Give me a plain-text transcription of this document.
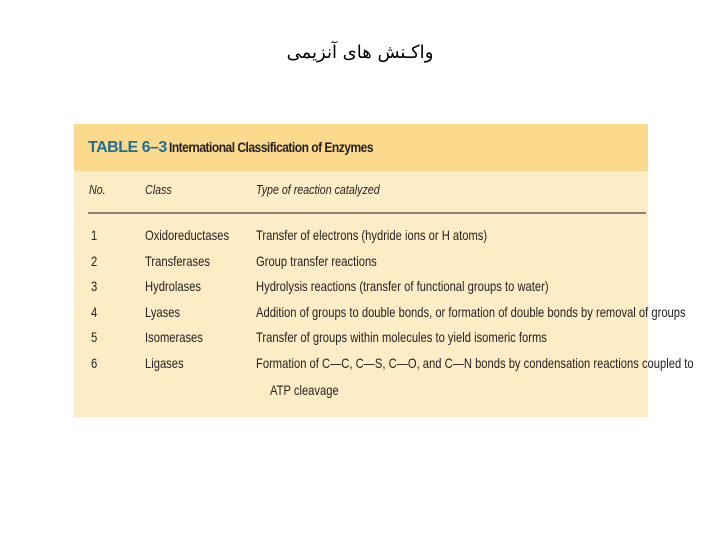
واکـنش های آنزیمی
TABLE 6–3 International Classification of Enzymes
No.	Class	Type of reaction catalyzed
1	Oxidoreductases Transfer of electrons (hydride ions or H atoms)
2	Transferases	Group transfer reactions
3	Hydrolases	Hydrolysis reactions (transfer of functional groups to water)
4	Lyases	Addition of groups to double bonds, or formation of double bonds by removal of groups
5	Isomerases	Transfer of groups within molecules to yield isomeric forms
6	Ligases	Formation of C—C, C—S, C—O, and C—N bonds by condensation reactions coupled to
ATP cleavage
